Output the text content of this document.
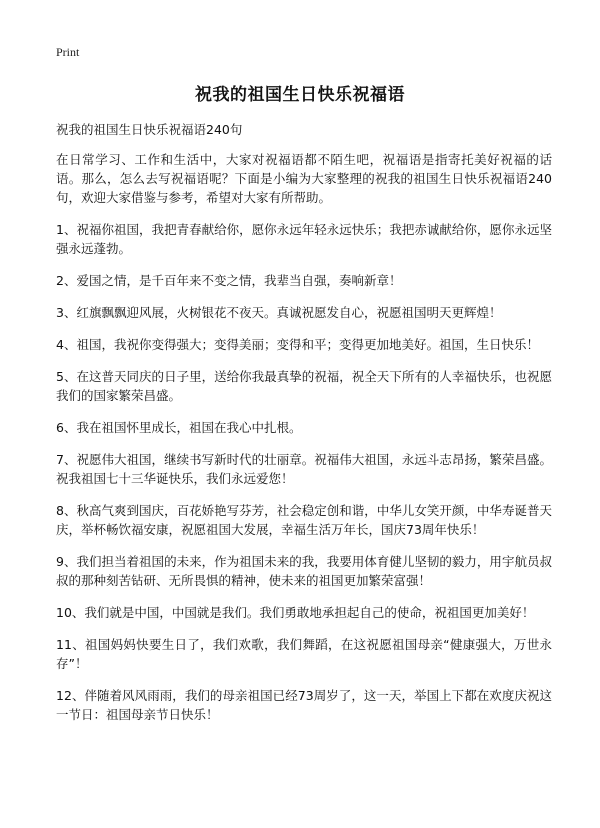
Print
祝我的祖国生日快乐祝福语

祝我的祖国生日快乐祝福语240句

在日常学习、工作和生活中，大家对祝福语都不陌生吧，祝福语是指寄托美好祝福的话语。那么，怎么去写祝福语呢？下面是小编为大家整理的祝我的祖国生日快乐祝福语240句，欢迎大家借鉴与参考，希望对大家有所帮助。

1、祝福你祖国，我把青春献给你，愿你永远年轻永远快乐；我把赤诚献给你，愿你永远坚强永远蓬勃。

2、爱国之情，是千百年来不变之情，我辈当自强，奏响新章！

3、红旗飘飘迎风展，火树银花不夜天。真诚祝愿发自心，祝愿祖国明天更辉煌！

4、祖国，我祝你变得强大；变得美丽；变得和平；变得更加地美好。祖国，生日快乐！

5、在这普天同庆的日子里，送给你我最真挚的祝福，祝全天下所有的人幸福快乐，也祝愿我们的国家繁荣昌盛。

6、我在祖国怀里成长，祖国在我心中扎根。

7、祝愿伟大祖国，继续书写新时代的壮丽章。祝福伟大祖国，永远斗志昂扬，繁荣昌盛。祝我祖国七十三华诞快乐，我们永远爱您！

8、秋高气爽到国庆，百花娇艳写芬芳，社会稳定创和谐，中华儿女笑开颜，中华寿诞普天庆，举杯畅饮福安康，祝愿祖国大发展，幸福生活万年长，国庆73周年快乐！

9、我们担当着祖国的未来，作为祖国未来的我，我要用体育健儿坚韧的毅力，用宇航员叔叔的那种刻苦钻研、无所畏惧的精神，使未来的祖国更加繁荣富强！

10、我们就是中国，中国就是我们。我们勇敢地承担起自己的使命，祝祖国更加美好！

11、祖国妈妈快要生日了，我们欢歌，我们舞蹈，在这祝愿祖国母亲“健康强大，万世永存”！

12、伴随着风风雨雨，我们的母亲祖国已经73周岁了，这一天，举国上下都在欢度庆祝这一节日：祖国母亲节日快乐！
